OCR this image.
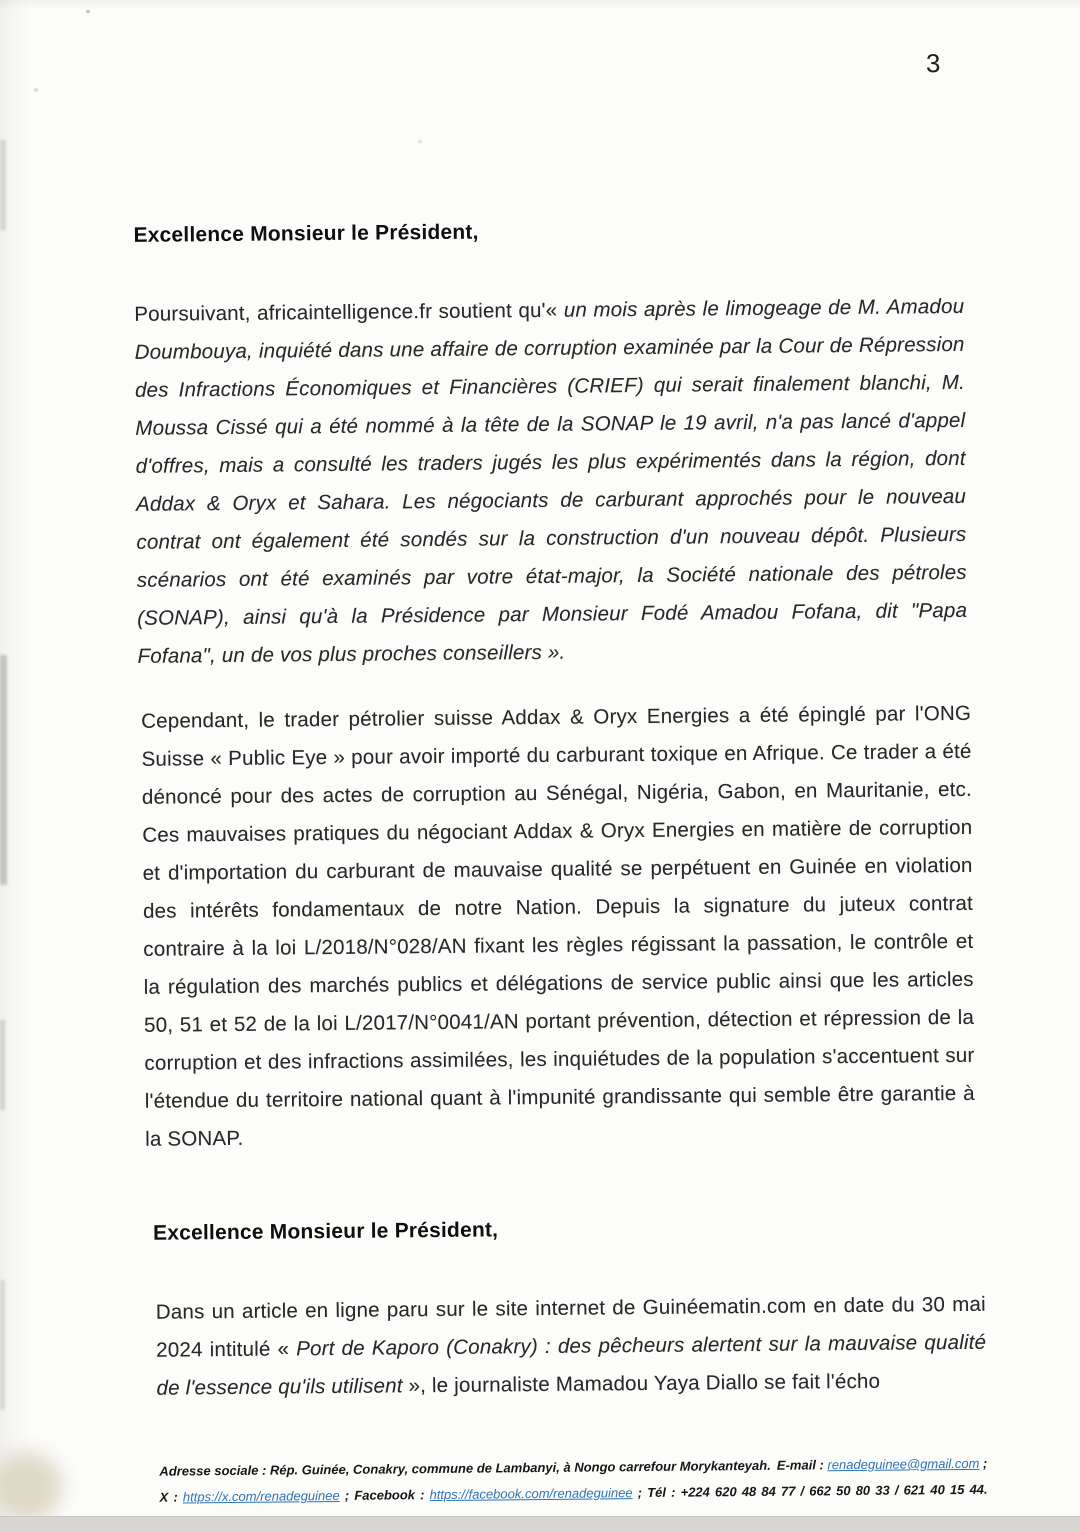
3
Excellence Monsieur le Président,
Poursuivant, africaintelligence.fr soutient qu'« un mois après le limogeage de M. Amadou Doumbouya, inquiété dans une affaire de corruption examinée par la Cour de Répression des Infractions Économiques et Financières (CRIEF) qui serait finalement blanchi, M. Moussa Cissé qui a été nommé à la tête de la SONAP le 19 avril, n'a pas lancé d'appel d'offres, mais a consulté les traders jugés les plus expérimentés dans la région, dont Addax & Oryx et Sahara. Les négociants de carburant approchés pour le nouveau contrat ont également été sondés sur la construction d'un nouveau dépôt. Plusieurs scénarios ont été examinés par votre état-major, la Société nationale des pétroles (SONAP), ainsi qu'à la Présidence par Monsieur Fodé Amadou Fofana, dit "Papa Fofana", un de vos plus proches conseillers ».
Cependant, le trader pétrolier suisse Addax & Oryx Energies a été épinglé par l'ONG Suisse « Public Eye » pour avoir importé du carburant toxique en Afrique. Ce trader a été dénoncé pour des actes de corruption au Sénégal, Nigéria, Gabon, en Mauritanie, etc. Ces mauvaises pratiques du négociant Addax & Oryx Energies en matière de corruption et d'importation du carburant de mauvaise qualité se perpétuent en Guinée en violation des intérêts fondamentaux de notre Nation. Depuis la signature du juteux contrat contraire à la loi L/2018/N°028/AN fixant les règles régissant la passation, le contrôle et la régulation des marchés publics et délégations de service public ainsi que les articles 50, 51 et 52 de la loi L/2017/N°0041/AN portant prévention, détection et répression de la corruption et des infractions assimilées, les inquiétudes de la population s'accentuent sur l'étendue du territoire national quant à l'impunité grandissante qui semble être garantie à la SONAP.
Excellence Monsieur le Président,
Dans un article en ligne paru sur le site internet de Guinéematin.com en date du 30 mai 2024 intitulé « Port de Kaporo (Conakry) : des pêcheurs alertent sur la mauvaise qualité de l'essence qu'ils utilisent », le journaliste Mamadou Yaya Diallo se fait l'écho
Adresse sociale : Rép. Guinée, Conakry, commune de Lambanyi, à Nongo carrefour Morykanteyah. E-mail : renadeguinee@gmail.com ;
X : https://x.com/renadeguinee ; Facebook : https://facebook.com/renadeguinee ; Tél : +224 620 48 84 77 / 662 50 80 33 / 621 40 15 44.
